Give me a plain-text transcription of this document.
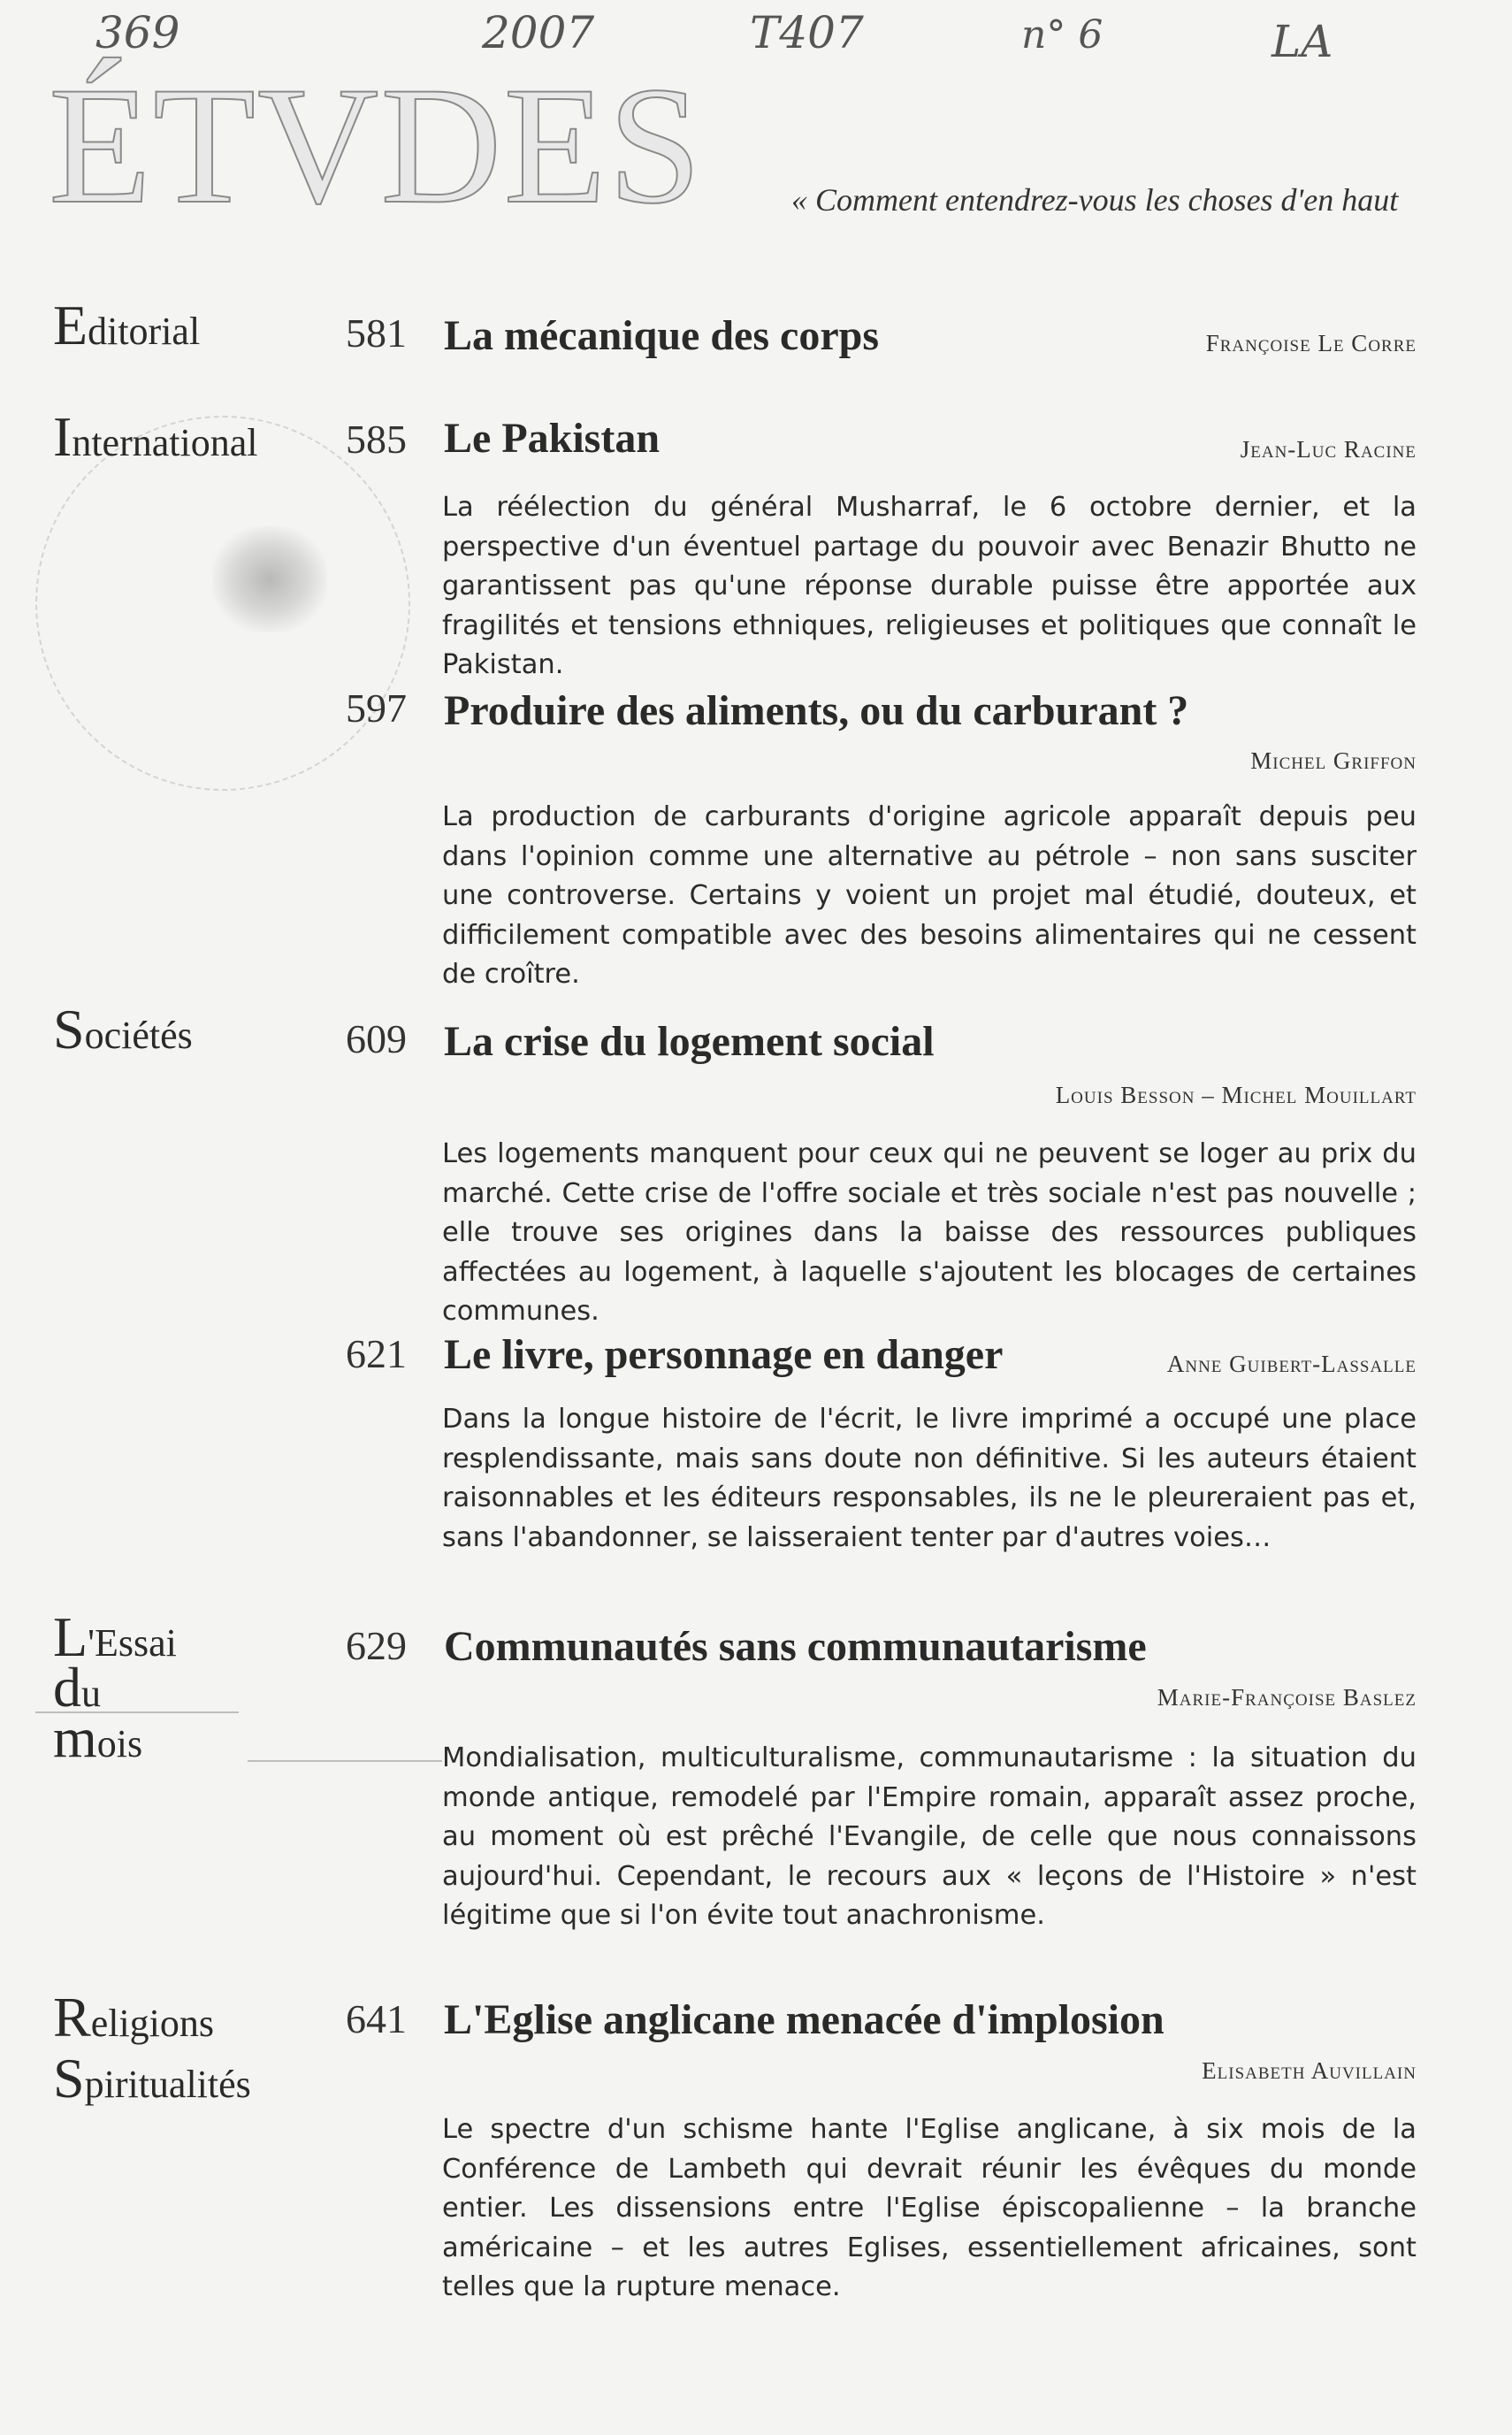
369	2007	T407	n° 6	LA
ÉTVDES	« Comment entendrez-vous les choses d'en haut
Editorial	581 La mécanique des corps	Françoise Le Corre
International 585 Le Pakistan	Jean-Luc Racine
La réélection du général Musharraf, le 6 octobre dernier, et la perspective d'un éventuel partage du pouvoir avec Benazir Bhutto ne garantissent pas qu'une réponse durable puisse être apportée aux fragilités et tensions ethniques, religieuses et politiques que connaît le Pakistan.
597 Produire des aliments, ou du carburant ?
Michel Griffon
La production de carburants d'origine agricole apparaît depuis peu dans l'opinion comme une alternative au pétrole – non sans susciter une controverse. Certains y voient un projet mal étudié, douteux, et difficilement compatible avec des besoins alimentaires qui ne cessent de croître.
Sociétés	609 La crise du logement social
Louis Besson – Michel Mouillart
Les logements manquent pour ceux qui ne peuvent se loger au prix du marché. Cette crise de l'offre sociale et très sociale n'est pas nouvelle ; elle trouve ses origines dans la baisse des ressources publiques affectées au logement, à laquelle s'ajoutent les blocages de certaines communes.
621 Le livre, personnage en danger	Anne Guibert-Lassalle
Dans la longue histoire de l'écrit, le livre imprimé a occupé une place resplendissante, mais sans doute non définitive. Si les auteurs étaient raisonnables et les éditeurs responsables, ils ne le pleureraient pas et, sans l'abandonner, se laisseraient tenter par d'autres voies…
L'Essai
du
mois
629 Communautés sans communautarisme
Marie-Françoise Baslez
Mondialisation, multiculturalisme, communautarisme : la situation du monde antique, remodelé par l'Empire romain, apparaît assez proche, au moment où est prêché l'Evangile, de celle que nous connaissons aujourd'hui. Cependant, le recours aux « leçons de l'Histoire » n'est légitime que si l'on évite tout anachronisme.
Religions
Spiritualités
641 L'Eglise anglicane menacée d'implosion
Elisabeth Auvillain
Le spectre d'un schisme hante l'Eglise anglicane, à six mois de la Conférence de Lambeth qui devrait réunir les évêques du monde entier. Les dissensions entre l'Eglise épiscopalienne – la branche américaine – et les autres Eglises, essentiellement africaines, sont telles que la rupture menace.
